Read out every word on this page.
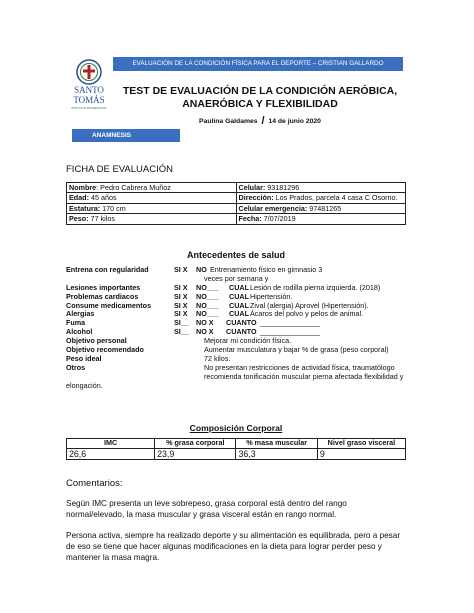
EVALUACIÓN DE LA CONDICIÓN FÍSICA PARA EL DEPORTE – CRISTIAN GALLARDO
SANTO
TOMÁS
INSTITUTO PROFESIONAL
TEST DE EVALUACIÓN DE LA CONDICIÓN AERÓBICA,
ANAERÓBICA Y FLEXIBILIDAD
Paulina Galdames / 14 de junio 2020
ANAMNESIS
FICHA DE EVALUACIÓN
Nombre: Pedro Cabrera Muñoz	Celular: 93181296
Edad: 45 años	Dirección: Los Prados, parcela 4 casa C Osorno.
Estatura: 170 cm	Celular emergencia: 97481265
Peso: 77 kilos	Fecha: 7/07/2019
Antecedentes de salud
Entrena con regularidad	SI X NO Entrenamiento físico en gimnasio 3
veces por semana y
Lesiones importantes	SI X NO___ CUAL Lesión de rodilla pierna izquierda. (2018)
Problemas cardiacos	SI X NO___ CUAL Hipertensión.
Consume medicamentos	SI X NO___ CUAL Zival (alergia) Aprovel (Hipertensión).
Alergias	SI X NO___ CUAL Ácaros del polvo y pelos de animal.
Fuma	SI__ NO X CUANTO _______________
Alcohol	SI__ NO X CUANTO _______________
Objetivo personal	Mejorar mi condición física.
Objetivo recomendado	Aumentar musculatura y bajar % de grasa (peso corporal)
Peso ideal	72 kilos.
Otros	No presentan restricciones de actividad física, traumatólogo recomienda tonificación muscular pierna afectada flexibilidad y
elongación.
Composición Corporal
IMC	% grasa corporal	% masa muscular	Nivel graso visceral
26,6	23,9	36,3	9
Comentarios:
Según IMC presenta un leve sobrepeso, grasa corporal está dentro del rango normal/elevado, la masa muscular y grasa visceral están en rango normal.
Persona activa, siempre ha realizado deporte y su alimentación es equilibrada, pero a pesar de eso se tiene que hacer algunas modificaciones en la dieta para lograr perder peso y mantener la masa magra.
